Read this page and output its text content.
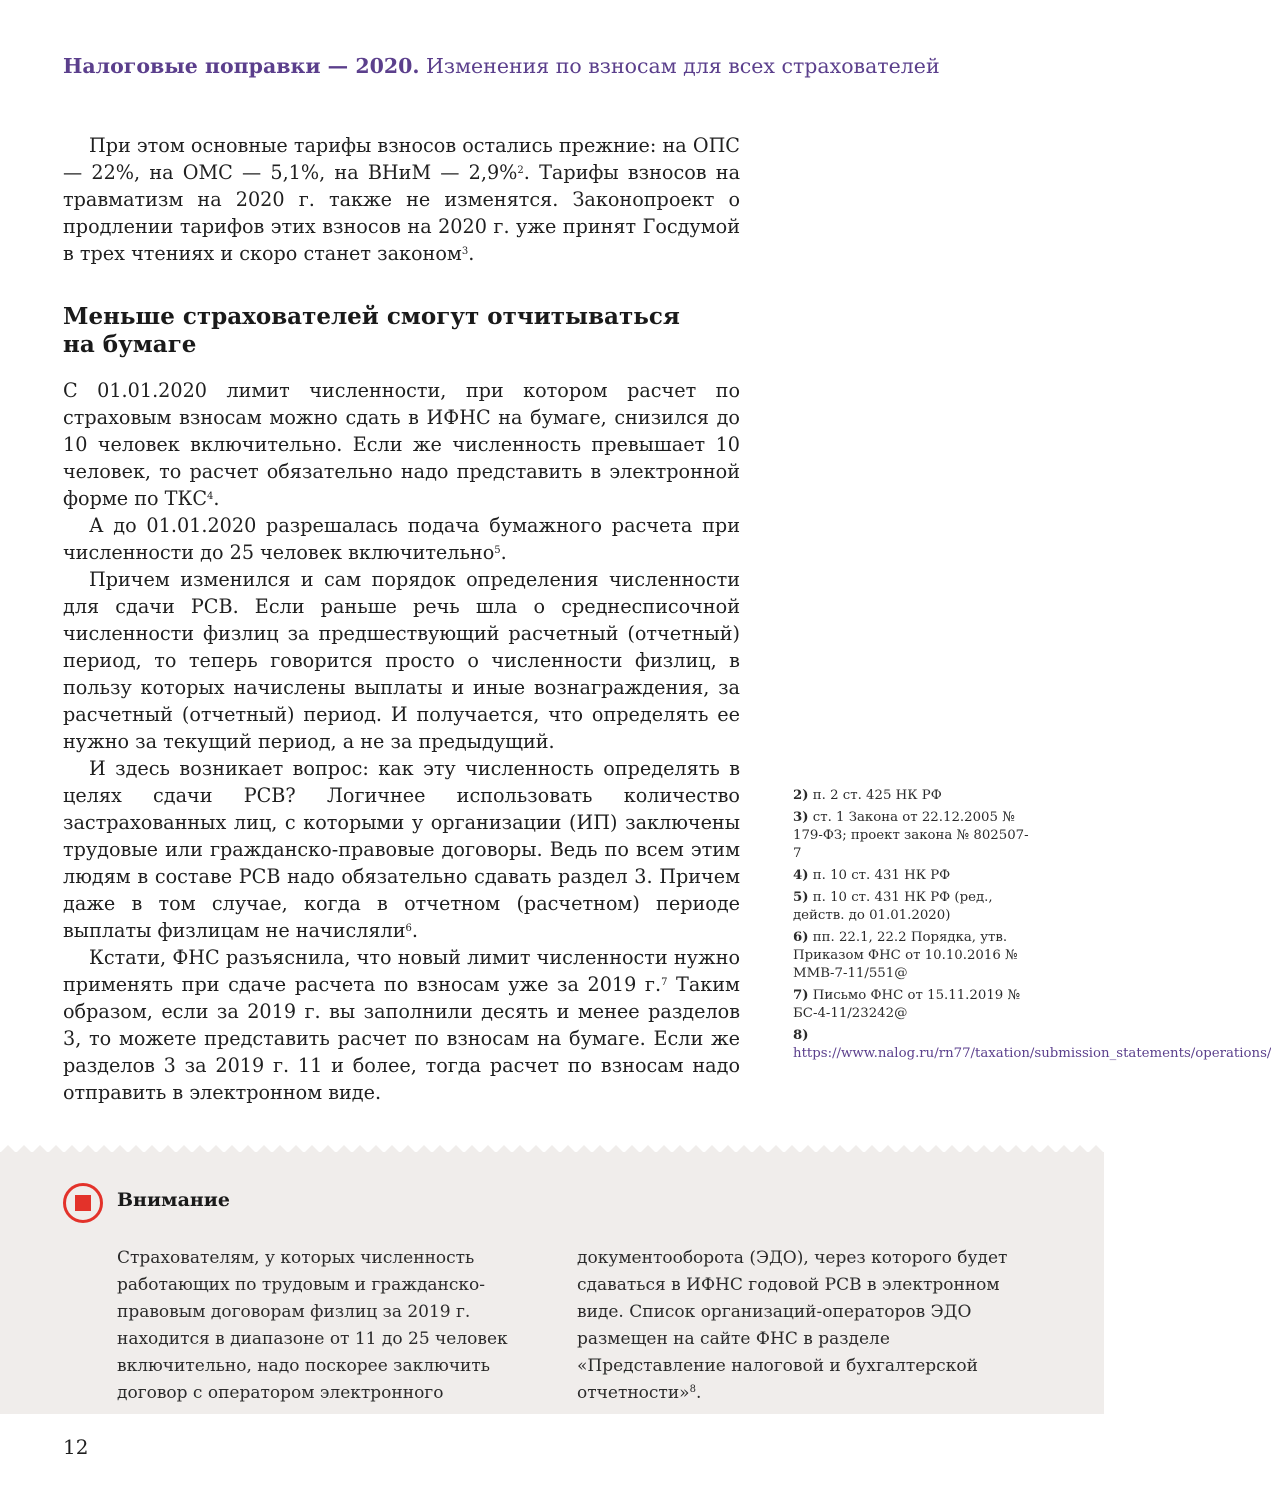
Налоговые поправки — 2020. Изменения по взносам для всех страхователей

При этом основные тарифы взносов остались прежние: на ОПС — 22%, на ОМС — 5,1%, на ВНиМ — 2,9%$^2$. Тарифы взносов на травматизм на 2020 г. также не изменятся. Законопроект о продлении тарифов этих взносов на 2020 г. уже принят Госдумой в трех чтениях и скоро станет законом$^3$.

Меньше страхователей смогут отчитываться на бумаге

С 01.01.2020 лимит численности, при котором расчет по страховым взносам можно сдать в ИФНС на бумаге, снизился до 10 человек включительно. Если же численность превышает 10 человек, то расчет обязательно надо представить в электронной форме по ТКС$^4$.

А до 01.01.2020 разрешалась подача бумажного расчета при численности до 25 человек включительно$^5$.

Причем изменился и сам порядок определения численности для сдачи РСВ. Если раньше речь шла о среднесписочной численности физлиц за предшествующий расчетный (отчетный) период, то теперь говорится просто о численности физлиц, в пользу которых начислены выплаты и иные вознаграждения, за расчетный (отчетный) период. И получается, что определять ее нужно за текущий период, а не за предыдущий.

И здесь возникает вопрос: как эту численность определять в целях сдачи РСВ? Логичнее использовать количество застрахованных лиц, с которыми у организации (ИП) заключены трудовые или гражданско-правовые договоры. Ведь по всем этим людям в составе РСВ надо обязательно сдавать раздел 3. Причем даже в том случае, когда в отчетном (расчетном) периоде выплаты физлицам не начисляли$^6$.

Кстати, ФНС разъяснила, что новый лимит численности нужно применять при сдаче расчета по взносам уже за 2019 г.$^7$ Таким образом, если за 2019 г. вы заполнили десять и менее разделов 3, то можете представить расчет по взносам на бумаге. Если же разделов 3 за 2019 г. 11 и более, тогда расчет по взносам надо отправить в электронном виде.

2) п. 2 ст. 425 НК РФ
3) ст. 1 Закона от 22.12.2005 № 179-ФЗ; проект закона № 802507-7
4) п. 10 ст. 431 НК РФ
5) п. 10 ст. 431 НК РФ (ред., действ. до 01.01.2020)
6) пп. 22.1, 22.2 Порядка, утв. Приказом ФНС от 10.10.2016 № ММВ-7-11/551@
7) Письмо ФНС от 15.11.2019 № БС-4-11/23242@
8) https://www.nalog.ru/rn77/taxation/submission_statements/operations/
Внимание

Страхователям, у которых численность работающих по трудовым и гражданско-правовым договорам физлиц за 2019 г. находится в диапазоне от 11 до 25 человек включительно, надо поскорее заключить договор с оператором электронного

документооборота (ЭДО), через которого будет сдаваться в ИФНС годовой РСВ в электронном виде. Список организаций-операторов ЭДО размещен на сайте ФНС в разделе «Представление налоговой и бухгалтерской отчетности»$^8$.

12
